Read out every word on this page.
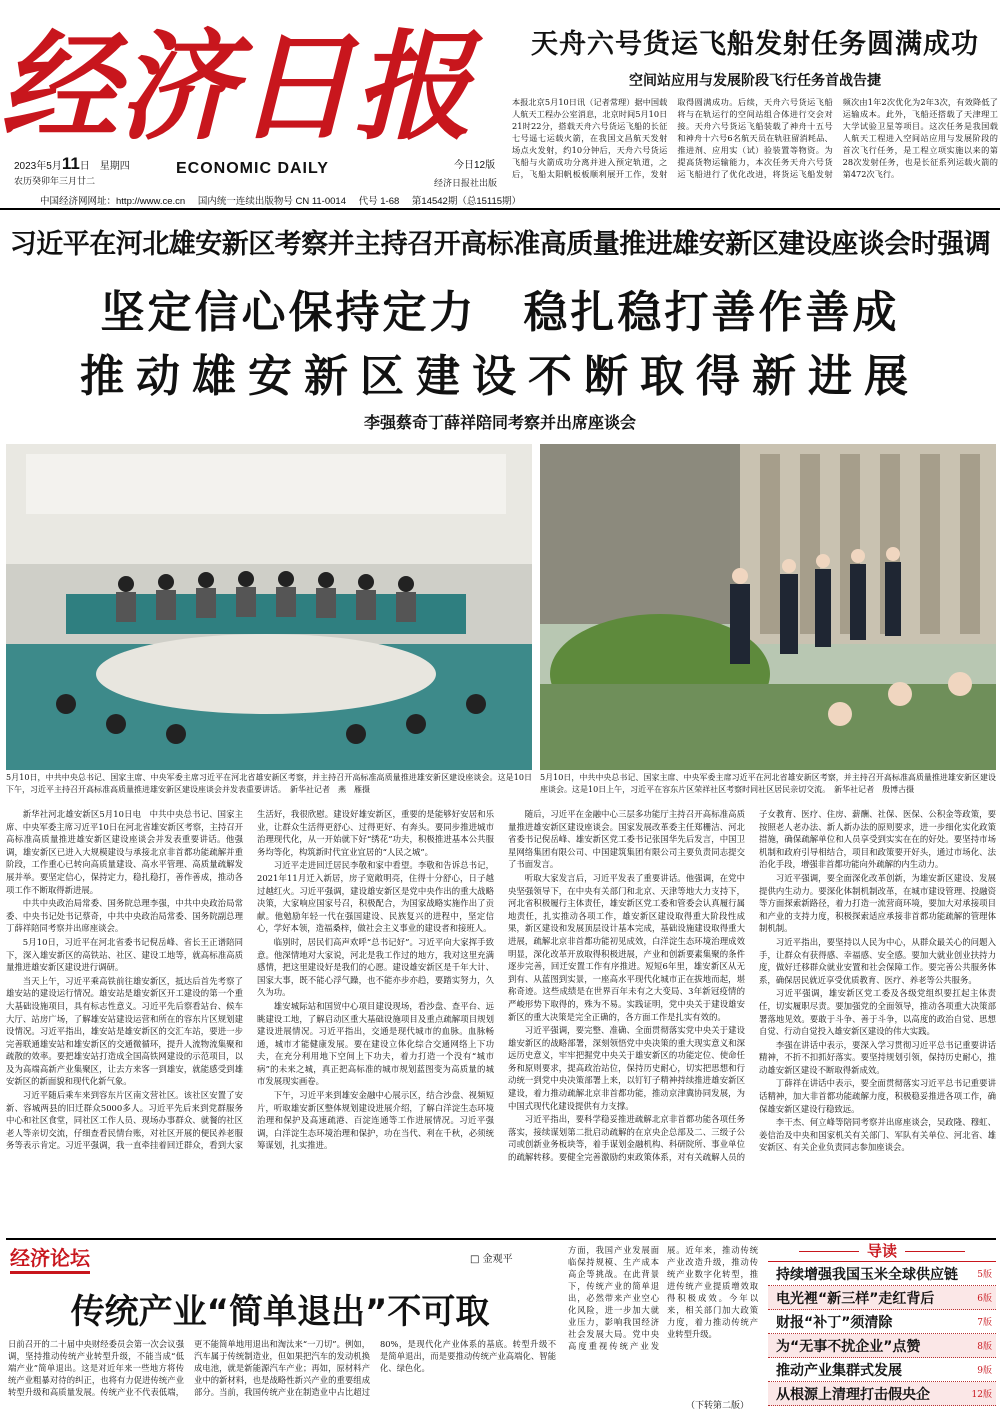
经济日报
2023年5月11日　星期四
农历癸卯年三月廿二
ECONOMIC DAILY	今日12版
经济日报社出版
中国经济网网址：http://www.ce.cn 国内统一连续出版物号 CN 11-0014 代号 1-68 第14542期（总15115期）
天舟六号货运飞船发射任务圆满成功
空间站应用与发展阶段飞行任务首战告捷
本报北京5月10日讯（记者常理）据中国载人航天工程办公室消息，北京时间5月10日21时22分，搭载天舟六号货运飞船的长征七号遥七运载火箭，在我国文昌航天发射场点火发射，约10分钟后，天舟六号货运飞船与火箭成功分离并进入预定轨道，之后，飞船太阳帆板板顺利展开工作，发射取得圆满成功。后续，天舟六号货运飞船将与在轨运行的空间站组合体进行交会对接。天舟六号货运飞船装载了神舟十五号和神舟十六号6名航天员在轨驻留消耗品、推进剂、应用实（试）验装置等物资。为提高货物运输能力，本次任务天舟六号货运飞船进行了优化改进，将货运飞船发射频次由1年2次优化为2年3次，有效降低了运输成本。此外，飞船还搭载了天津理工大学试验卫星等项目。这次任务是我国载人航天工程进入空间站应用与发展阶段的首次飞行任务，是工程立项实施以来的第28次发射任务，也是长征系列运载火箭的第472次飞行。
习近平在河北雄安新区考察并主持召开高标准高质量推进雄安新区建设座谈会时强调
坚定信心保持定力　稳扎稳打善作善成
推动雄安新区建设不断取得新进展
李强蔡奇丁薛祥陪同考察并出席座谈会
5月10日，中共中央总书记、国家主席、中央军委主席习近平在河北省雄安新区考察，并主持召开高标准高质量推进雄安新区建设座谈会。这是10日下午，习近平主持召开高标准高质量推进雄安新区建设座谈会并发表重要讲话。　新华社记者　燕　雁摄
5月10日，中共中央总书记、国家主席、中央军委主席习近平在河北省雄安新区考察，并主持召开高标准高质量推进雄安新区建设座谈会。这是10日上午，习近平在容东片区荣祥社区考察时同社区居民亲切交流。　新华社记者　殷博古摄

新华社河北雄安新区5月10日电　中共中央总书记、国家主席、中央军委主席习近平10日在河北省雄安新区考察，主持召开高标准高质量推进雄安新区建设座谈会并发表重要讲话。他强调，雄安新区已进入大规模建设与承接北京非首都功能疏解并重阶段，工作重心已转向高质量建设、高水平管理、高质量疏解发展并举。要坚定信心，保持定力，稳扎稳打，善作善成，推动各项工作不断取得新进展。

中共中央政治局常委、国务院总理李强，中共中央政治局常委、中央书记处书记蔡奇，中共中央政治局常委、国务院副总理丁薛祥陪同考察并出席座谈会。

5月10日，习近平在河北省委书记倪岳峰、省长王正谱陪同下，深入雄安新区的高铁站、社区、建设工地等，就高标准高质量推进雄安新区建设进行调研。

当天上午，习近平乘高铁前往雄安新区，抵达后首先考察了雄安站的建设运行情况。雄安站是雄安新区开工建设的第一个重大基础设施项目，具有标志性意义。习近平先后察看站台、候车大厅、站房广场，了解雄安站建设运营和所在的容东片区规划建设情况。习近平指出，雄安站是雄安新区的交汇车站，要进一步完善联通雄安站和雄安新区的交通微循环，提升人流物流集聚和疏散的效率。要把雄安站打造成全国高铁网建设的示范项目，以及为高端高新产业集聚区，让去方来客一到雄安，就能感受到雄安新区的新面貌和现代化新气象。

习近平随后乘车来到容东片区南文营社区。该社区安置了安新、容城两县的旧迁群众5000多人。习近平先后来到党群服务中心和社区食堂，同社区工作人员、现场办事群众、就餐的社区老人等亲切交流，仔细查看民情台账，对社区开展的便民养老服务等表示肯定。习近平强调，我一直牵挂着回迁群众，看到大家生活好，我很欣慰。建设好雄安新区，重要的是能够好安居和乐业，让群众生活得更舒心、过得更好、有奔头。要同步推进城市治理现代化，从一开始就下好“绣花”功夫，积极推进基本公共服务均等化，构筑新时代宜业宜居的“人民之城”。

习近平走进回迁居民李敬和家中看望。李敬和告诉总书记，2021年11月迁入新居，房子宽敞明亮，住得十分舒心，日子越过越红火。习近平强调，建设雄安新区是党中央作出的重大战略决策，大家响应国家号召，积极配合，为国家战略实施作出了贡献。他勉励年轻一代在强国建设、民族复兴的进程中，坚定信心，学好本领，造福桑梓，做社会主义事业的建设者和接班人。

临别时，居民们高声欢呼“总书记好”。习近平向大家挥手致意。他深情地对大家说，河北是我工作过的地方，我对这里充满感情，把这里建设好是我们的心愿。建设雄安新区是千年大计、国家大事，既不能心浮气躁，也不能亦步亦趋，要踏实努力，久久为功。

雄安城际站和国贸中心项目建设现场，看沙盘、查平台、远眺建设工地，了解启动区重大基础设施项目及重点疏解项目规划建设进展情况。习近平指出，交通是现代城市的血脉。血脉畅通，城市才能健康发展。要在建设立体化综合交通网络上下功夫，在充分利用地下空间上下功夫，着力打造一个没有“城市病”的未来之城，真正把高标准的城市规划蓝图变为高质量的城市发展现实画卷。

下午，习近平来到雄安金融中心展示区，结合沙盘、视频短片，听取雄安新区整体规划建设进展介绍，了解白洋淀生态环境治理和保护及高速疏港、百淀连通等工作进展情况。习近平强调，白洋淀生态环境治理和保护，功在当代、利在千秋，必须统筹谋划，扎实推进。

随后，习近平在金融中心三层多功能厅主持召开高标准高质量推进雄安新区建设座谈会。国家发展改革委主任郑栅洁、河北省委书记倪岳峰、雄安新区党工委书记张国华先后发言，中国卫星网络集团有限公司、中国建筑集团有限公司主要负责同志提交了书面发言。

听取大家发言后，习近平发表了重要讲话。他强调，在党中央坚强领导下，在中央有关部门和北京、天津等地大力支持下，河北省积极履行主体责任，雄安新区党工委和管委会认真履行属地责任，扎实推动各项工作，雄安新区建设取得重大阶段性成果，新区建设和发展顶层设计基本完成，基础设施建设取得重大进展，疏解北京非首都功能初见成效，白洋淀生态环境治理成效明显，深化改革开放取得积极进展，产业和创新要素集聚的条件逐步完善，回迁安置工作有序推进。短短6年里，雄安新区从无到有、从蓝图到实景，一座高水平现代化城市正在拔地而起，堪称奇迹。这些成绩是在世界百年未有之大变局、3年新冠疫情的严峻形势下取得的，殊为不易。实践证明，党中央关于建设雄安新区的重大决策是完全正确的，各方面工作是扎实有效的。

习近平强调，要完整、准确、全面贯彻落实党中央关于建设雄安新区的战略部署，深刻领悟党中央决策的重大现实意义和深远历史意义，牢牢把握党中央关于雄安新区的功能定位、使命任务和原则要求，提高政治站位，保持历史耐心，切实把思想和行动统一到党中央决策部署上来，以钉钉子精神持续推进雄安新区建设，着力推动疏解北京非首都功能，推动京津冀协同发展，为中国式现代化建设提供有力支撑。

习近平指出，要科学稳妥推进疏解北京非首都功能各项任务落实，接续谋划第二批启动疏解的在京央企总部及二、三级子公司或创新业务板块等，着手谋划金融机构、科研院所、事业单位的疏解转移。要健全完善激励约束政策体系，对有关疏解人员的子女教育、医疗、住房、薪酬、社保、医保、公积金等政策，要按照老人老办法、新人新办法的原则要求，进一步细化实化政策措施，确保疏解单位和人员享受到实实在在的好处。要坚持市场机制和政府引导相结合，项目和政策要开好头，通过市场化、法治化手段，增强非首都功能向外疏解的内生动力。

习近平强调，要全面深化改革创新，为雄安新区建设、发展提供内生动力。要深化体制机制改革，在城市建设管理、投融资等方面探索新路径，着力打造一流营商环境，要加大对承接项目和产业的支持力度，积极探索适应承接非首都功能疏解的管理体制机制。

习近平指出，要坚持以人民为中心，从群众最关心的问题入手，让群众有获得感、幸福感、安全感。要加大就业创业扶持力度，做好迁移群众就业安置和社会保障工作。要完善公共服务体系，确保居民就近享受优质教育、医疗、养老等公共服务。

习近平强调，雄安新区党工委及各级党组织要扛起主体责任，切实履职尽责。要加强党的全面领导，推动各项重大决策部署落地见效。要敢于斗争、善于斗争，以高度的政治自觉、思想自觉、行动自觉投入雄安新区建设的伟大实践。

李强在讲话中表示，要深入学习贯彻习近平总书记重要讲话精神，不折不扣抓好落实。要坚持规划引领，保持历史耐心，推动雄安新区建设不断取得新成效。

丁薛祥在讲话中表示，要全面贯彻落实习近平总书记重要讲话精神，加大非首都功能疏解力度，积极稳妥推进各项工作，确保雄安新区建设行稳致远。

李干杰、何立峰等陪同考察并出席座谈会，吴政隆、穆虹、姜信治及中央和国家机关有关部门、军队有关单位、河北省、雄安新区、有关企业负责同志参加座谈会。

经济论坛	□ 金观平
传统产业“简单退出”不可取
日前召开的二十届中央财经委员会第一次会议强调，坚持推动传统产业转型升级，不能当成“低端产业”简单退出。这是对近年来一些地方将传统产业粗暴对待的纠正，也将有力促进传统产业转型升级和高质量发展。传统产业不代表低端，更不能简单地用退出和淘汰来“一刀切”。例如，汽车属于传统制造业，但如果把汽车的发动机换成电池，就是新能源汽车产业；再如，原材料产业中的新材料，也是战略性新兴产业的重要组成部分。当前，我国传统产业在制造业中占比超过80%，是现代化产业体系的基底。转型升级不是简单退出，而是要推动传统产业高端化、智能化、绿色化。
方面，我国产业发展面临保持规模、生产成本高企等挑战。在此背景下，传统产业的简单退出，必然带来产业空心化风险，进一步加大就业压力，影响我国经济社会发展大局。党中央高度重视传统产业发展。近年来，推动传统产业改造升级，推动传统产业数字化转型，推进传统产业提质增效取得积极成效。今年以来，相关部门加大政策力度，着力推动传统产业转型升级。
（下转第二版）
导读
持续增强我国玉米全球供应链 5版
电光裡“新三样”走红背后	6版
财报“补丁”须清除	7版
为“无事不扰企业”点赞	8版
推动产业集群式发展	9版
从根源上清理打击假央企	12版
